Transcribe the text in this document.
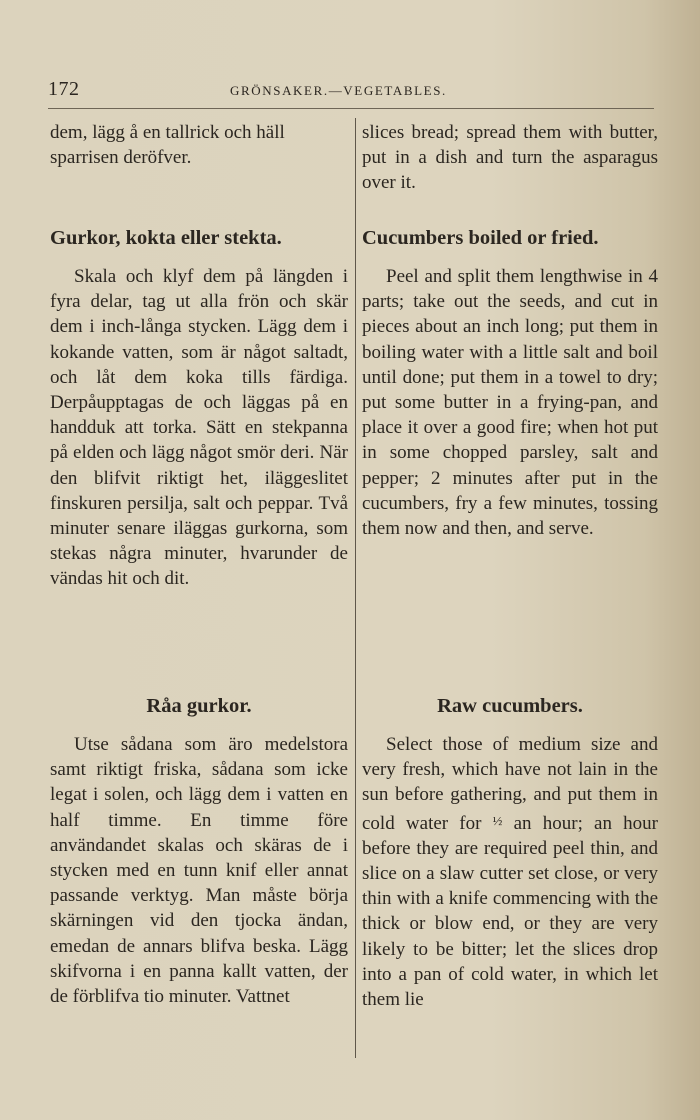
172	GRÖNSAKER.—VEGETABLES.

dem, lägg å en tallrick och häll sparrisen deröfver.

Gurkor, kokta eller stekta.

Skala och klyf dem på längden i fyra delar, tag ut alla frön och skär dem i inch-långa stycken. Lägg dem i kokande vatten, som är något saltadt, och låt dem koka tills färdiga. Derpåupptagas de och läggas på en handduk att torka. Sätt en stekpanna på elden och lägg något smör deri. När den blifvit riktigt het, iläggeslitet finskuren persilja, salt och peppar. Två minuter senare iläggas gurkorna, som stekas några minuter, hvarunder de vändas hit och dit.

Råa gurkor.

Utse sådana som äro medelstora samt riktigt friska, sådana som icke legat i solen, och lägg dem i vatten en half timme. En timme före användandet skalas och skäras de i stycken med en tunn knif eller annat passande verktyg. Man måste börja skärningen vid den tjocka ändan, emedan de annars blifva beska. Lägg skifvorna i en panna kallt vatten, der de förblifva tio minuter. Vattnet

slices bread; spread them with butter, put in a dish and turn the asparagus over it.

Cucumbers boiled or fried.

Peel and split them lengthwise in 4 parts; take out the seeds, and cut in pieces about an inch long; put them in boiling water with a little salt and boil until done; put them in a towel to dry; put some butter in a frying-pan, and place it over a good fire; when hot put in some chopped parsley, salt and pepper; 2 minutes after put in the cucumbers, fry a few minutes, tossing them now and then, and serve.

Raw cucumbers.

Select those of medium size and very fresh, which have not lain in the sun before gathering, and put them in cold water for $^{\frac{1}{2}}$ an hour; an hour before they are required peel thin, and slice on a slaw cutter set close, or very thin with a knife commencing with the thick or blow end, or they are very likely to be bitter; let the slices drop into a pan of cold water, in which let them lie
